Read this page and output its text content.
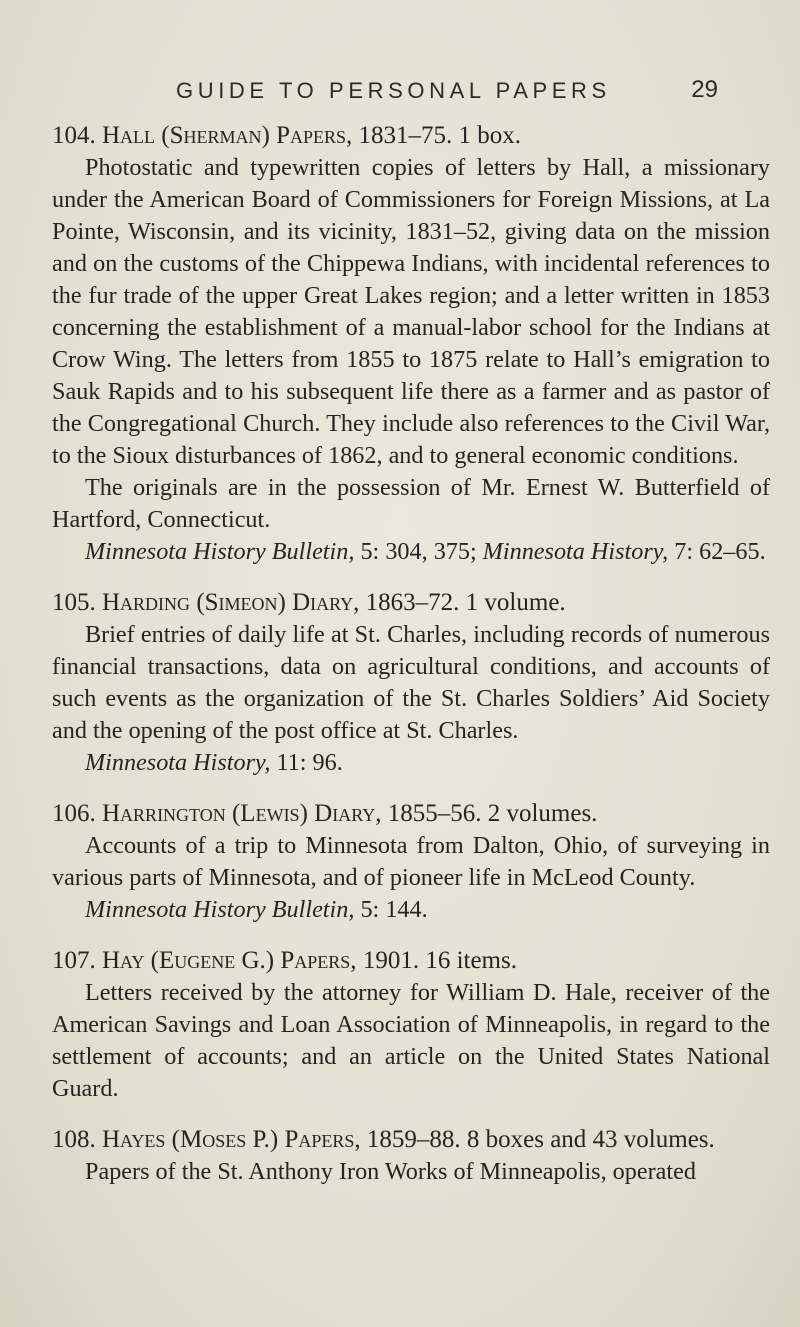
GUIDE TO PERSONAL PAPERS	29

104. Hall (Sherman) Papers, 1831–75. 1 box.

Photostatic and typewritten copies of letters by Hall, a missionary under the American Board of Commissioners for Foreign Missions, at La Pointe, Wisconsin, and its vicinity, 1831–52, giving data on the mission and on the customs of the Chippewa Indians, with incidental references to the fur trade of the upper Great Lakes region; and a letter written in 1853 concerning the establishment of a manual-labor school for the Indians at Crow Wing. The letters from 1855 to 1875 relate to Hall’s emigration to Sauk Rapids and to his subsequent life there as a farmer and as pastor of the Congregational Church. They include also references to the Civil War, to the Sioux disturbances of 1862, and to general economic conditions.

The originals are in the possession of Mr. Ernest W. Butterfield of Hartford, Connecticut.

Minnesota History Bulletin, 5: 304, 375; Minnesota History, 7: 62–65.

105. Harding (Simeon) Diary, 1863–72. 1 volume.

Brief entries of daily life at St. Charles, including records of numerous financial transactions, data on agricultural conditions, and accounts of such events as the organization of the St. Charles Soldiers’ Aid Society and the opening of the post office at St. Charles.

Minnesota History, 11: 96.

106. Harrington (Lewis) Diary, 1855–56. 2 volumes.

Accounts of a trip to Minnesota from Dalton, Ohio, of surveying in various parts of Minnesota, and of pioneer life in McLeod County.

Minnesota History Bulletin, 5: 144.

107. Hay (Eugene G.) Papers, 1901. 16 items.

Letters received by the attorney for William D. Hale, receiver of the American Savings and Loan Association of Minneapolis, in regard to the settlement of accounts; and an article on the United States National Guard.

108. Hayes (Moses P.) Papers, 1859–88. 8 boxes and 43 volumes.

Papers of the St. Anthony Iron Works of Minneapolis, operated
